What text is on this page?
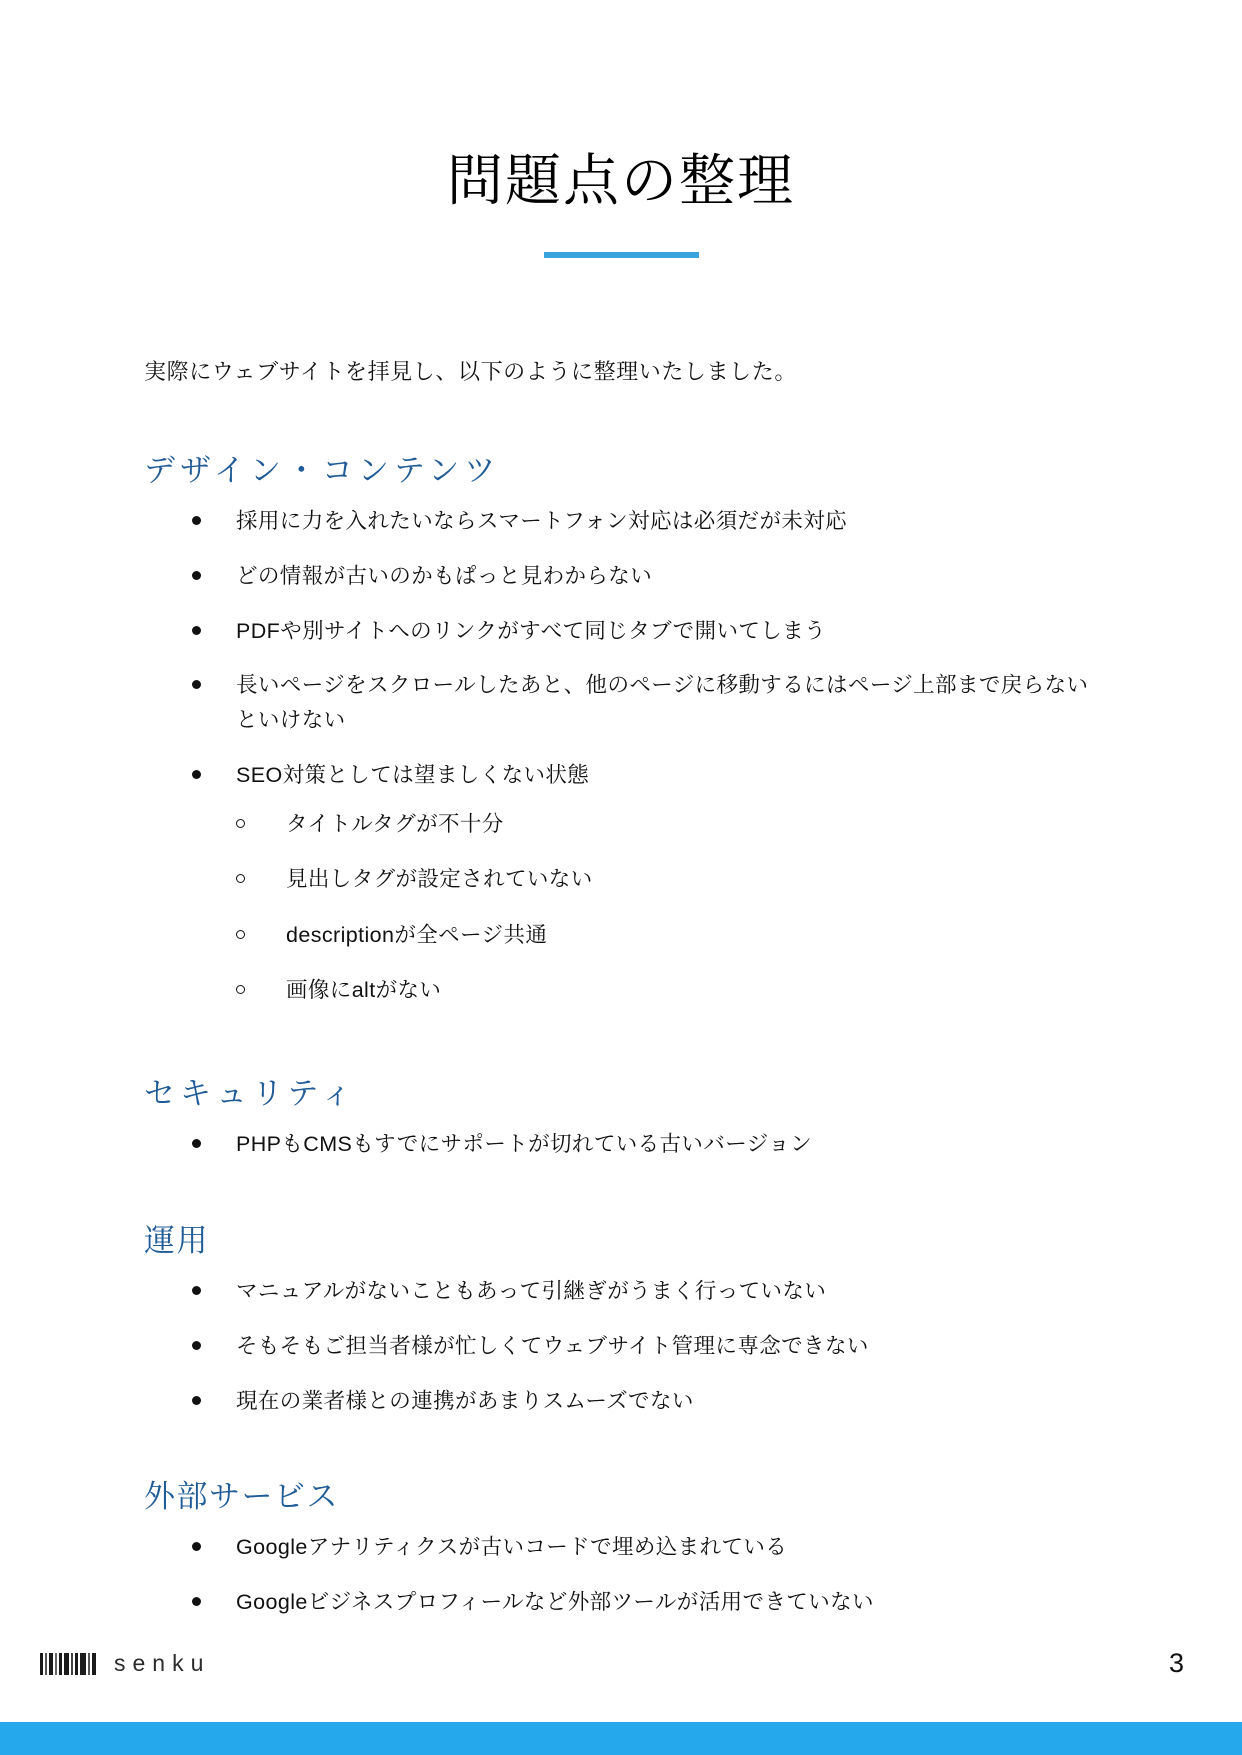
問題点の整理

実際にウェブサイトを拝見し、以下のように整理いたしました。

デザイン・コンテンツ
採用に力を入れたいならスマートフォン対応は必須だが未対応
どの情報が古いのかもぱっと見わからない
PDFや別サイトへのリンクがすべて同じタブで開いてしまう
長いページをスクロールしたあと、他のページに移動するにはページ上部まで戻らないといけない
SEO対策としては望ましくない状態
タイトルタグが不十分
見出しタグが設定されていない
descriptionが全ページ共通
画像にaltがない
セキュリティ
PHPもCMSもすでにサポートが切れている古いバージョン
運用
マニュアルがないこともあって引継ぎがうまく行っていない
そもそもご担当者様が忙しくてウェブサイト管理に専念できない
現在の業者様との連携があまりスムーズでない
外部サービス
Googleアナリティクスが古いコードで埋め込まれている
Googleビジネスプロフィールなど外部ツールが活用できていない
senku	3
